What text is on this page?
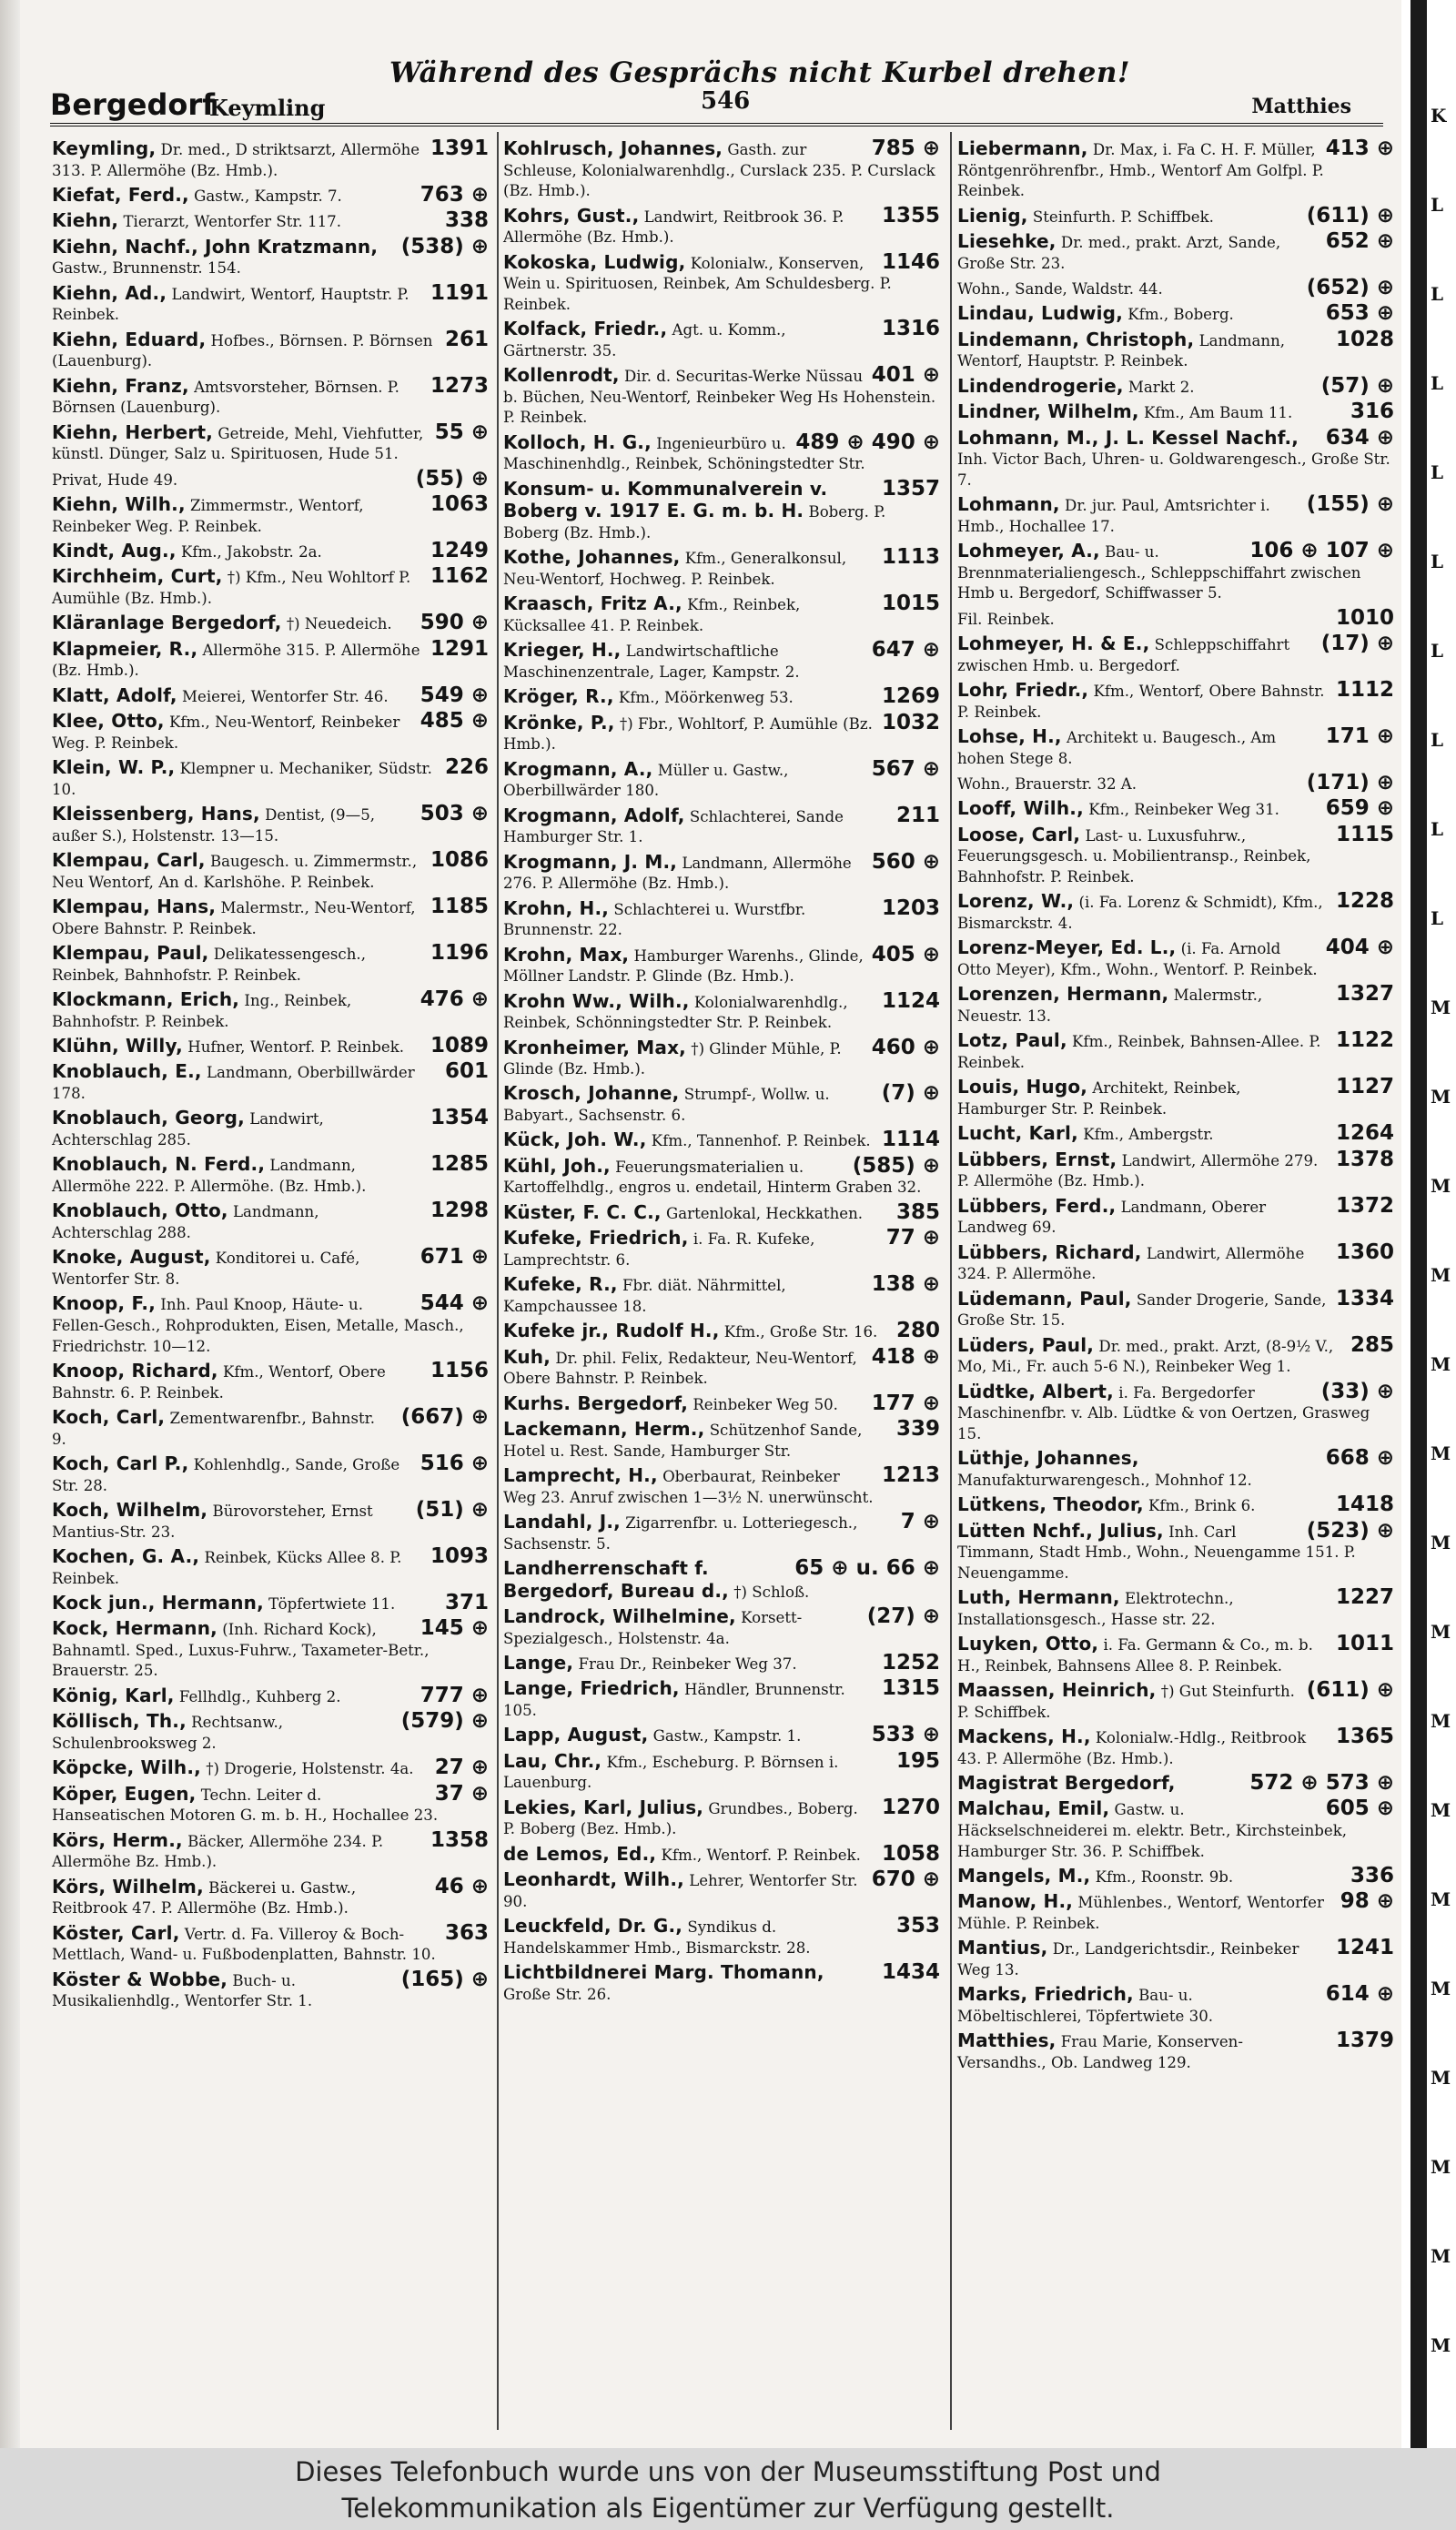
K
L
L
L
L
L
L
L
L
L
M
M
M
M
M
M
M
M
M
M
M
M
M
M
M
M
Während des Gesprächs nicht Kurbel drehen!
Bergedorf
Keymling	546	Matthies
1391
Keymling, Dr. med., D striktsarzt, Allermöhe 313. P. Allermöhe (Bz. Hmb.).
763 ⊕
Kiefat, Ferd., Gastw., Kampstr. 7.
338
Kiehn, Tierarzt, Wentorfer Str. 117.
(538) ⊕
Kiehn, Nachf., John Kratzmann, Gastw., Brunnenstr. 154.
1191
Kiehn, Ad., Landwirt, Wentorf, Hauptstr. P. Reinbek.
261
Kiehn, Eduard, Hofbes., Börnsen. P. Börnsen (Lauenburg).
1273
Kiehn, Franz, Amtsvorsteher, Börnsen. P. Börnsen (Lauenburg).
55 ⊕
Kiehn, Herbert, Getreide, Mehl, Viehfutter, künstl. Dünger, Salz u. Spirituosen, Hude 51.
(55) ⊕
Privat, Hude 49.
1063
Kiehn, Wilh., Zimmermstr., Wentorf, Reinbeker Weg. P. Reinbek.
1249
Kindt, Aug., Kfm., Jakobstr. 2a.
1162
Kirchheim, Curt, †) Kfm., Neu Wohltorf P. Aumühle (Bz. Hmb.).
590 ⊕
Kläranlage Bergedorf, †) Neuedeich.
1291
Klapmeier, R., Allermöhe 315. P. Allermöhe (Bz. Hmb.).
549 ⊕
Klatt, Adolf, Meierei, Wentorfer Str. 46.
485 ⊕
Klee, Otto, Kfm., Neu-Wentorf, Reinbeker Weg. P. Reinbek.
226
Klein, W. P., Klempner u. Mechaniker, Südstr. 10.
503 ⊕
Kleissenberg, Hans, Dentist, (9—5, außer S.), Holstenstr. 13—15.
1086
Klempau, Carl, Baugesch. u. Zimmermstr., Neu Wentorf, An d. Karlshöhe. P. Reinbek.
1185
Klempau, Hans, Malermstr., Neu-Wentorf, Obere Bahnstr. P. Reinbek.
1196
Klempau, Paul, Delikatessengesch., Reinbek, Bahnhofstr. P. Reinbek.
476 ⊕
Klockmann, Erich, Ing., Reinbek, Bahnhofstr. P. Reinbek.
1089
Klühn, Willy, Hufner, Wentorf. P. Reinbek.
601
Knoblauch, E., Landmann, Oberbillwärder 178.
1354
Knoblauch, Georg, Landwirt, Achterschlag 285.
1285
Knoblauch, N. Ferd., Landmann, Allermöhe 222. P. Allermöhe. (Bz. Hmb.).
1298
Knoblauch, Otto, Landmann, Achterschlag 288.
671 ⊕
Knoke, August, Konditorei u. Café, Wentorfer Str. 8.
544 ⊕
Knoop, F., Inh. Paul Knoop, Häute- u. Fellen-Gesch., Rohprodukten, Eisen, Metalle, Masch., Friedrichstr. 10—12.
1156
Knoop, Richard, Kfm., Wentorf, Obere Bahnstr. 6. P. Reinbek.
(667) ⊕
Koch, Carl, Zementwarenfbr., Bahnstr. 9.
516 ⊕
Koch, Carl P., Kohlenhdlg., Sande, Große Str. 28.
(51) ⊕
Koch, Wilhelm, Bürovorsteher, Ernst Mantius-Str. 23.
1093
Kochen, G. A., Reinbek, Kücks Allee 8. P. Reinbek.
371
Kock jun., Hermann, Töpfertwiete 11.
145 ⊕
Kock, Hermann, (Inh. Richard Kock), Bahnamtl. Sped., Luxus-Fuhrw., Taxameter-Betr., Brauerstr. 25.
777 ⊕
König, Karl, Fellhdlg., Kuhberg 2.
(579) ⊕
Köllisch, Th., Rechtsanw., Schulenbrooksweg 2.
27 ⊕
Köpcke, Wilh., †) Drogerie, Holstenstr. 4a.
37 ⊕
Köper, Eugen, Techn. Leiter d. Hanseatischen Motoren G. m. b. H., Hochallee 23.
1358
Körs, Herm., Bäcker, Allermöhe 234. P. Allermöhe Bz. Hmb.).
46 ⊕
Körs, Wilhelm, Bäckerei u. Gastw., Reitbrook 47. P. Allermöhe (Bz. Hmb.).
363
Köster, Carl, Vertr. d. Fa. Villeroy & Boch-Mettlach, Wand- u. Fußbodenplatten, Bahnstr. 10.
(165) ⊕
Köster & Wobbe, Buch- u. Musikalienhdlg., Wentorfer Str. 1.
785 ⊕
Kohlrusch, Johannes, Gasth. zur Schleuse, Kolonialwarenhdlg., Curslack 235. P. Curslack (Bz. Hmb.).
1355
Kohrs, Gust., Landwirt, Reitbrook 36. P. Allermöhe (Bz. Hmb.).
1146
Kokoska, Ludwig, Kolonialw., Konserven, Wein u. Spirituosen, Reinbek, Am Schuldesberg. P. Reinbek.
1316
Kolfack, Friedr., Agt. u. Komm., Gärtnerstr. 35.
401 ⊕
Kollenrodt, Dir. d. Securitas-Werke Nüssau b. Büchen, Neu-Wentorf, Reinbeker Weg Hs Hohenstein. P. Reinbek.
489 ⊕ 490 ⊕
Kolloch, H. G., Ingenieurbüro u. Maschinenhdlg., Reinbek, Schöningstedter Str.
1357
Konsum- u. Kommunalverein v. Boberg v. 1917 E. G. m. b. H. Boberg. P. Boberg (Bz. Hmb.).
1113
Kothe, Johannes, Kfm., Generalkonsul, Neu-Wentorf, Hochweg. P. Reinbek.
1015
Kraasch, Fritz A., Kfm., Reinbek, Kücksallee 41. P. Reinbek.
647 ⊕
Krieger, H., Landwirtschaftliche Maschinenzentrale, Lager, Kampstr. 2.
1269
Kröger, R., Kfm., Möörkenweg 53.
1032
Krönke, P., †) Fbr., Wohltorf, P. Aumühle (Bz. Hmb.).
567 ⊕
Krogmann, A., Müller u. Gastw., Oberbillwärder 180.
211
Krogmann, Adolf, Schlachterei, Sande Hamburger Str. 1.
560 ⊕
Krogmann, J. M., Landmann, Allermöhe 276. P. Allermöhe (Bz. Hmb.).
1203
Krohn, H., Schlachterei u. Wurstfbr. Brunnenstr. 22.
405 ⊕
Krohn, Max, Hamburger Warenhs., Glinde, Möllner Landstr. P. Glinde (Bz. Hmb.).
1124
Krohn Ww., Wilh., Kolonialwarenhdlg., Reinbek, Schönningstedter Str. P. Reinbek.
460 ⊕
Kronheimer, Max, †) Glinder Mühle, P. Glinde (Bz. Hmb.).
(7) ⊕
Krosch, Johanne, Strumpf-, Wollw. u. Babyart., Sachsenstr. 6.
1114
Kück, Joh. W., Kfm., Tannenhof. P. Reinbek.
(585) ⊕
Kühl, Joh., Feuerungsmaterialien u. Kartoffelhdlg., engros u. endetail, Hinterm Graben 32.
385
Küster, F. C. C., Gartenlokal, Heckkathen.
77 ⊕
Kufeke, Friedrich, i. Fa. R. Kufeke, Lamprechtstr. 6.
138 ⊕
Kufeke, R., Fbr. diät. Nährmittel, Kampchaussee 18.
280
Kufeke jr., Rudolf H., Kfm., Große Str. 16.
418 ⊕
Kuh, Dr. phil. Felix, Redakteur, Neu-Wentorf, Obere Bahnstr. P. Reinbek.
177 ⊕
Kurhs. Bergedorf, Reinbeker Weg 50.
339
Lackemann, Herm., Schützenhof Sande, Hotel u. Rest. Sande, Hamburger Str.
1213
Lamprecht, H., Oberbaurat, Reinbeker Weg 23. Anruf zwischen 1—3½ N. unerwünscht.
7 ⊕
Landahl, J., Zigarrenfbr. u. Lotteriegesch., Sachsenstr. 5.
65 ⊕ u. 66 ⊕
Landherrenschaft f. Bergedorf, Bureau d., †) Schloß.
(27) ⊕
Landrock, Wilhelmine, Korsett-Spezialgesch., Holstenstr. 4a.
1252
Lange, Frau Dr., Reinbeker Weg 37.
1315
Lange, Friedrich, Händler, Brunnenstr. 105.
533 ⊕
Lapp, August, Gastw., Kampstr. 1.
195
Lau, Chr., Kfm., Escheburg. P. Börnsen i. Lauenburg.
1270
Lekies, Karl, Julius, Grundbes., Boberg. P. Boberg (Bez. Hmb.).
1058
de Lemos, Ed., Kfm., Wentorf. P. Reinbek.
670 ⊕
Leonhardt, Wilh., Lehrer, Wentorfer Str. 90.
353
Leuckfeld, Dr. G., Syndikus d. Handelskammer Hmb., Bismarckstr. 28.
1434
Lichtbildnerei Marg. Thomann, Große Str. 26.
413 ⊕
Liebermann, Dr. Max, i. Fa C. H. F. Müller, Röntgenröhrenfbr., Hmb., Wentorf Am Golfpl. P. Reinbek.
(611) ⊕
Lienig, Steinfurth. P. Schiffbek.
652 ⊕
Liesehke, Dr. med., prakt. Arzt, Sande, Große Str. 23.
(652) ⊕
Wohn., Sande, Waldstr. 44.
653 ⊕
Lindau, Ludwig, Kfm., Boberg.
1028
Lindemann, Christoph, Landmann, Wentorf, Hauptstr. P. Reinbek.
(57) ⊕
Lindendrogerie, Markt 2.
316
Lindner, Wilhelm, Kfm., Am Baum 11.
634 ⊕
Lohmann, M., J. L. Kessel Nachf., Inh. Victor Bach, Uhren- u. Goldwarengesch., Große Str. 7.
(155) ⊕
Lohmann, Dr. jur. Paul, Amtsrichter i. Hmb., Hochallee 17.
106 ⊕ 107 ⊕
Lohmeyer, A., Bau- u. Brennmaterialiengesch., Schleppschiffahrt zwischen Hmb u. Bergedorf, Schiffwasser 5.
1010
Fil. Reinbek.
(17) ⊕
Lohmeyer, H. & E., Schleppschiffahrt zwischen Hmb. u. Bergedorf.
1112
Lohr, Friedr., Kfm., Wentorf, Obere Bahnstr. P. Reinbek.
171 ⊕
Lohse, H., Architekt u. Baugesch., Am hohen Stege 8.
(171) ⊕
Wohn., Brauerstr. 32 A.
659 ⊕
Looff, Wilh., Kfm., Reinbeker Weg 31.
1115
Loose, Carl, Last- u. Luxusfuhrw., Feuerungsgesch. u. Mobilientransp., Reinbek, Bahnhofstr. P. Reinbek.
1228
Lorenz, W., (i. Fa. Lorenz & Schmidt), Kfm., Bismarckstr. 4.
404 ⊕
Lorenz-Meyer, Ed. L., (i. Fa. Arnold Otto Meyer), Kfm., Wohn., Wentorf. P. Reinbek.
1327
Lorenzen, Hermann, Malermstr., Neuestr. 13.
1122
Lotz, Paul, Kfm., Reinbek, Bahnsen-Allee. P. Reinbek.
1127
Louis, Hugo, Architekt, Reinbek, Hamburger Str. P. Reinbek.
1264
Lucht, Karl, Kfm., Ambergstr.
1378
Lübbers, Ernst, Landwirt, Allermöhe 279. P. Allermöhe (Bz. Hmb.).
1372
Lübbers, Ferd., Landmann, Oberer Landweg 69.
1360
Lübbers, Richard, Landwirt, Allermöhe 324. P. Allermöhe.
1334
Lüdemann, Paul, Sander Drogerie, Sande, Große Str. 15.
285
Lüders, Paul, Dr. med., prakt. Arzt, (8-9½ V., Mo, Mi., Fr. auch 5-6 N.), Reinbeker Weg 1.
(33) ⊕
Lüdtke, Albert, i. Fa. Bergedorfer Maschinenfbr. v. Alb. Lüdtke & von Oertzen, Grasweg 15.
668 ⊕
Lüthje, Johannes, Manufakturwarengesch., Mohnhof 12.
1418
Lütkens, Theodor, Kfm., Brink 6.
(523) ⊕
Lütten Nchf., Julius, Inh. Carl Timmann, Stadt Hmb., Wohn., Neuengamme 151. P. Neuengamme.
1227
Luth, Hermann, Elektrotechn., Installationsgesch., Hasse str. 22.
1011
Luyken, Otto, i. Fa. Germann & Co., m. b. H., Reinbek, Bahnsens Allee 8. P. Reinbek.
(611) ⊕
Maassen, Heinrich, †) Gut Steinfurth. P. Schiffbek.
1365
Mackens, H., Kolonialw.-Hdlg., Reitbrook 43. P. Allermöhe (Bz. Hmb.).
572 ⊕ 573 ⊕
Magistrat Bergedorf,
605 ⊕
Malchau, Emil, Gastw. u. Häckselschneiderei m. elektr. Betr., Kirchsteinbek, Hamburger Str. 36. P. Schiffbek.
336
Mangels, M., Kfm., Roonstr. 9b.
98 ⊕
Manow, H., Mühlenbes., Wentorf, Wentorfer Mühle. P. Reinbek.
1241
Mantius, Dr., Landgerichtsdir., Reinbeker Weg 13.
614 ⊕
Marks, Friedrich, Bau- u. Möbeltischlerei, Töpfertwiete 30.
1379
Matthies, Frau Marie, Konserven-Versandhs., Ob. Landweg 129.
Dieses Telefonbuch wurde uns von der Museumsstiftung Post und
Telekommunikation als Eigentümer zur Verfügung gestellt.
